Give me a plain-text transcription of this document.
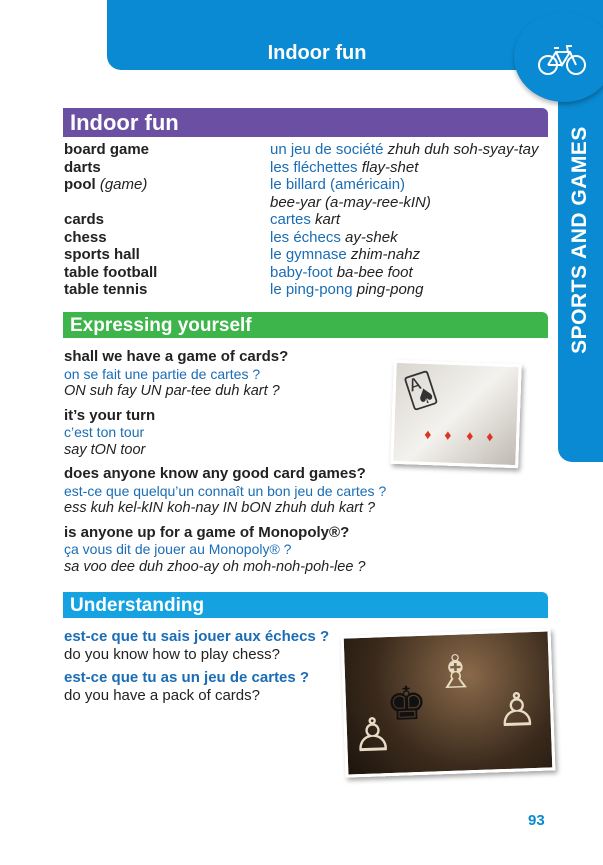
Indoor fun
SPORTS AND GAMES
Indoor fun
board game	un jeu de société zhuh duh soh-syay-tay
darts	les fléchettes flay-shet
pool (game)	le billard (américain)
bee-yar (a-may-ree-kIN)
cards	cartes kart
chess	les échecs ay-shek
sports hall	le gymnase zhim-nahz
table football	baby-foot ba-bee foot
table tennis	le ping-pong ping-pong
Expressing yourself
shall we have a game of cards?
on se fait une partie de cartes ?
ON suh fay UN par-tee duh kart ?
it’s your turn
c’est ton tour
say tON toor
does anyone know any good card games?
est-ce que quelqu’un connaît un bon jeu de cartes ?
ess kuh kel-kIN koh-nay IN bON zhuh duh kart ?
is anyone up for a game of Monopoly®?
ça vous dit de jouer au Monopoly® ?
sa voo dee duh zhoo-ay oh moh-noh-poh-lee ?
♦ ♦ ♦ ♦
🂡
Understanding
est-ce que tu sais jouer aux échecs ?
do you know how to play chess?
est-ce que tu as un jeu de cartes ?
do you have a pack of cards?	♚
♗
♙
♙
93
